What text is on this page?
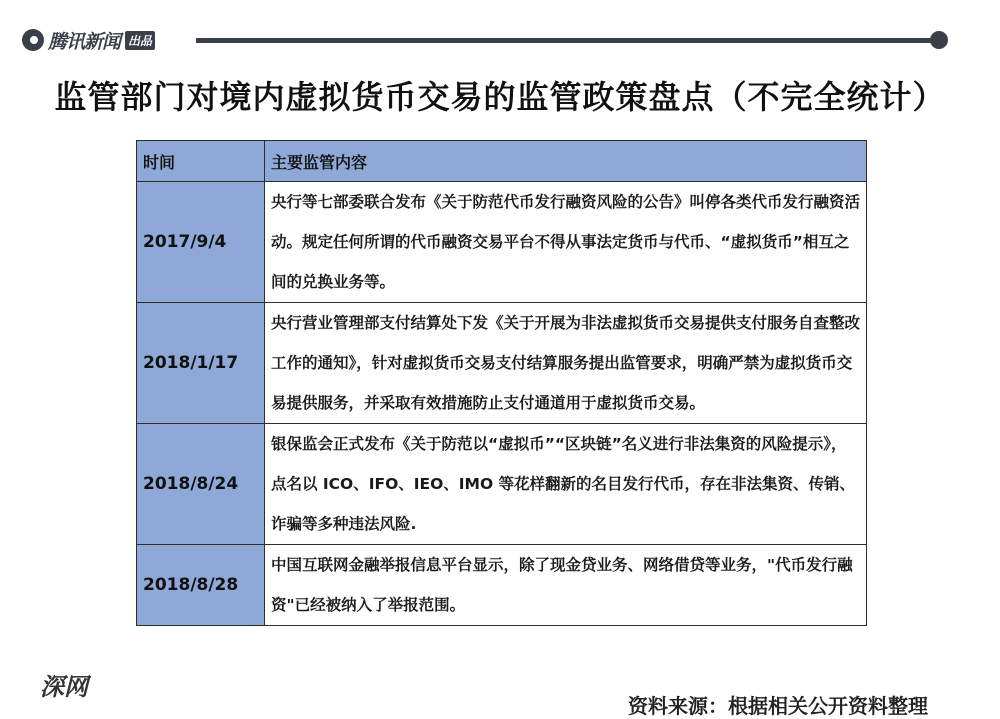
腾讯新闻 出品
监管部门对境内虚拟货币交易的监管政策盘点（不完全统计）
时间	主要监管内容
2017/9/4	央行等七部委联合发布《关于防范代币发行融资风险的公告》叫停各类代币发行融资活动。规定任何所谓的代币融资交易平台不得从事法定货币与代币、“虚拟货币”相互之间的兑换业务等。
2018/1/17	央行营业管理部支付结算处下发《关于开展为非法虚拟货币交易提供支付服务自查整改工作的通知》，针对虚拟货币交易支付结算服务提出监管要求，明确严禁为虚拟货币交易提供服务，并采取有效措施防止支付通道用于虚拟货币交易。
2018/8/24	银保监会正式发布《关于防范以“虚拟币”“区块链”名义进行非法集资的风险提示》，点名以 ICO、IFO、IEO、IMO 等花样翻新的名目发行代币，存在非法集资、传销、诈骗等多种违法风险.
2018/8/28	中国互联网金融举报信息平台显示，除了现金贷业务、网络借贷等业务，"代币发行融资"已经被纳入了举报范围。
深网
资料来源：根据相关公开资料整理
